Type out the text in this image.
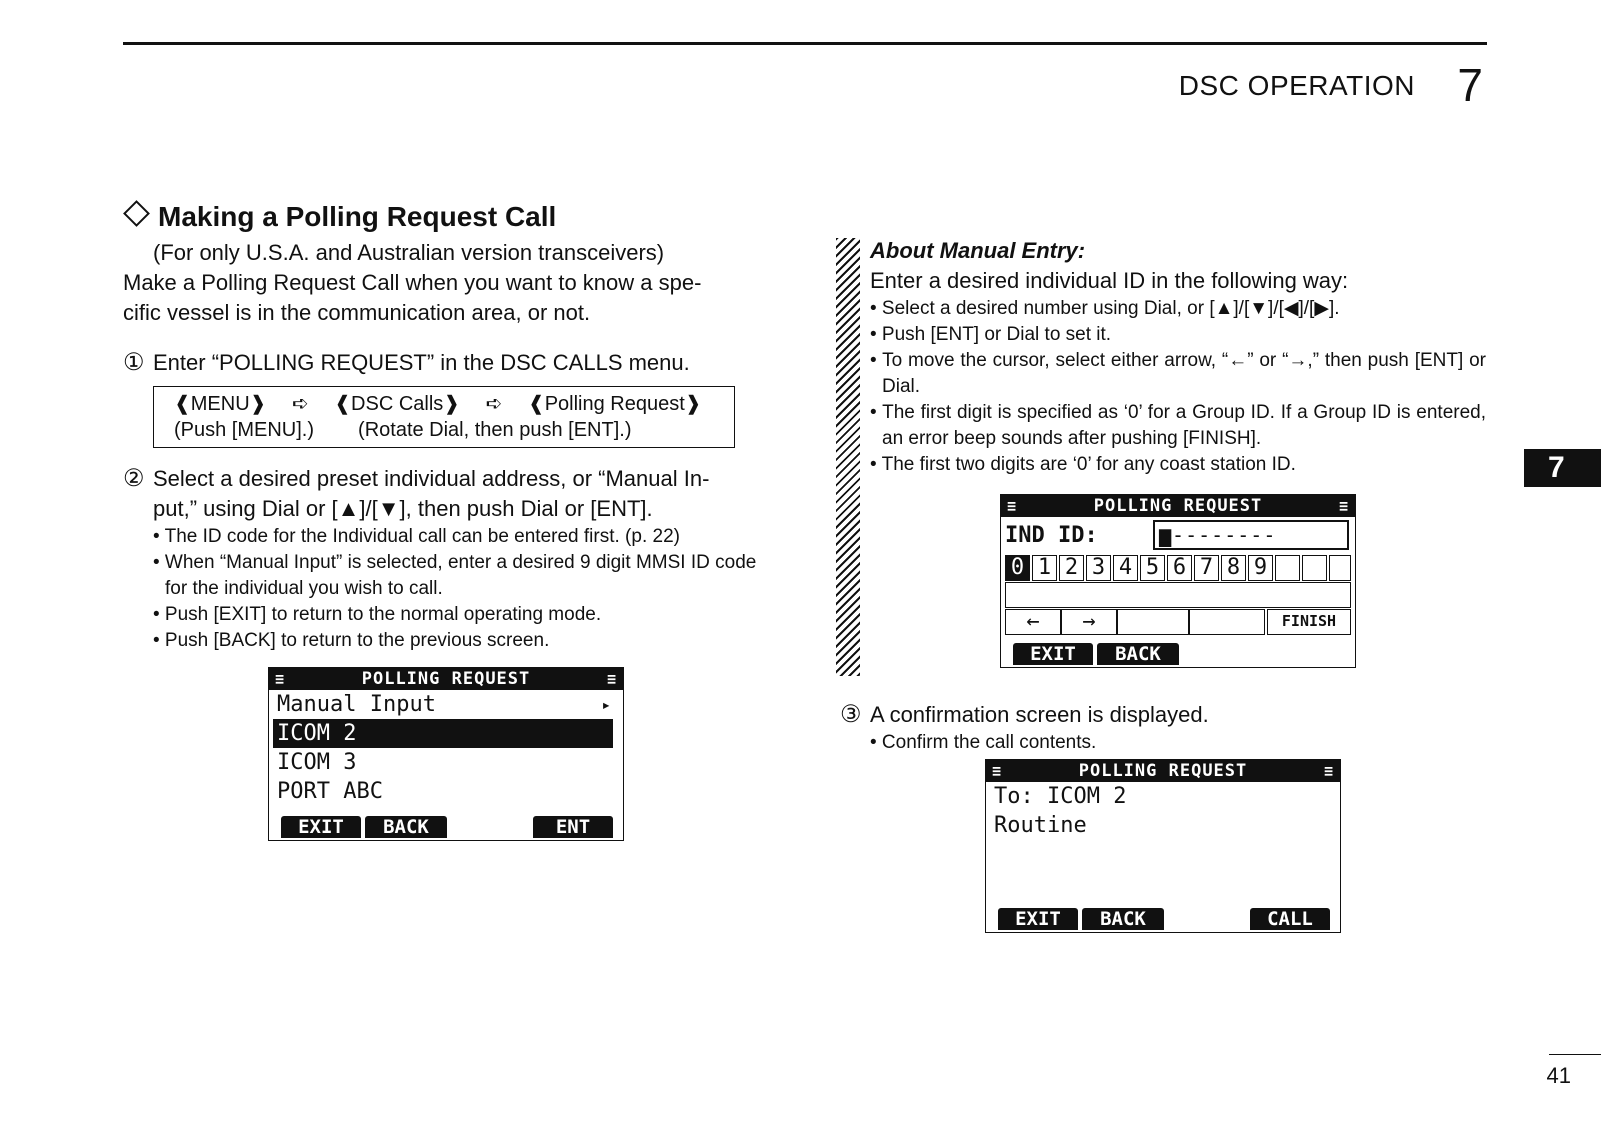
DSC OPERATION 7
7
41
Making a Polling Request Call
(For only U.S.A. and Australian version transceivers)
Make a Polling Request Call when you want to know a spe-
cific vessel is in the communication area, or not.
① Enter “POLLING REQUEST” in the DSC CALLS menu.
❰MENU❱ ➪ ❰DSC Calls❱ ➪ ❰Polling Request❱
(Push [MENU].) (Rotate Dial, then push [ENT].)
② Select a desired preset individual address, or “Manual In-
put,” using Dial or [▲]/[▼], then push Dial or [ENT].
• The ID code for the Individual call can be entered first. (p. 22)
• When “Manual Input” is selected, enter a desired 9 digit MMSI ID code for the individual you wish to call.
• Push [EXIT] to return to the normal operating mode.
• Push [BACK] to return to the previous screen.
≡	POLLING REQUEST	≡
Manual Input	▸
ICOM 2
ICOM 3
PORT ABC
EXIT	BACK	ENT
About Manual Entry:
Enter a desired individual ID in the following way:
• Select a desired number using Dial, or [▲]/[▼]/[◀]/[▶].
• Push [ENT] or Dial to set it.
• To move the cursor, select either arrow, “←” or “→,” then push [ENT] or Dial.
• The first digit is specified as ‘0’ for a Group ID. If a Group ID is entered, an error beep sounds after pushing [FINISH].
• The first two digits are ‘0’ for any coast station ID.
≡	POLLING REQUEST	≡
IND ID:	▆--------
0 1 2 3 4 5 6 7 8 9
←	→	FINISH
EXIT	BACK
③ A confirmation screen is displayed.
• Confirm the call contents.
≡	POLLING REQUEST	≡
To: ICOM 2
Routine
EXIT	BACK	CALL
